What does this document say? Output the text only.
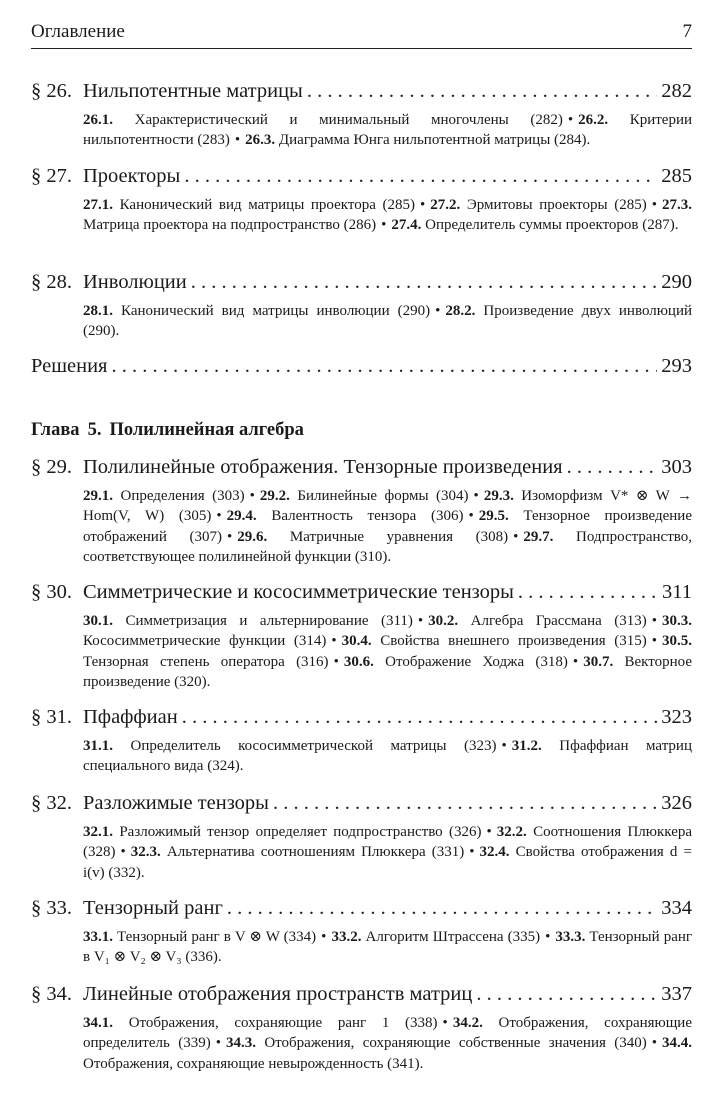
Оглавление	7
§ 26. Нильпотентные матрицы . . .	282
26.1. Характеристический и минимальный многочлены (282) • 26.2. Критерии нильпотентности (283) • 26.3. Диаграмма Юнга нильпотентной матрицы (284).
§ 27. Проекторы . . .	285
27.1. Канонический вид матрицы проектора (285) • 27.2. Эрмитовы проекторы (285) • 27.3. Матрица проектора на подпространство (286) • 27.4. Определитель суммы проекторов (287).
§ 28. Инволюции . . .	290
28.1. Канонический вид матрицы инволюции (290) • 28.2. Произведение двух инволюций (290).
Решения . . .	293
Глава 5. Полилинейная алгебра
§ 29. Полилинейные отображения. Тензорные произведения . . .	303
29.1. Определения (303) • 29.2. Билинейные формы (304) • 29.3. Изоморфизм V* ⊗ W → Hom(V, W) (305) • 29.4. Валентность тензора (306) • 29.5. Тензорное произведение отображений (307) • 29.6. Матричные уравнения (308) • 29.7. Подпространство, соответствующее полилинейной функции (310).
§ 30. Симметрические и кососимметрические тензоры . . .	311
30.1. Симметризация и альтернирование (311) • 30.2. Алгебра Грассмана (313) • 30.3. Кососимметрические функции (314) • 30.4. Свойства внешнего произведения (315) • 30.5. Тензорная степень оператора (316) • 30.6. Отображение Ходжа (318) • 30.7. Векторное произведение (320).
§ 31. Пфаффиан . . .	323
31.1. Определитель кососимметрической матрицы (323) • 31.2. Пфаффиан матриц специального вида (324).
§ 32. Разложимые тензоры . . .	326
32.1. Разложимый тензор определяет подпространство (326) • 32.2. Соотношения Плюккера (328) • 32.3. Альтернатива соотношениям Плюккера (331) • 32.4. Свойства отображения d = i(v) (332).
§ 33. Тензорный ранг . . .	334
33.1. Тензорный ранг в V ⊗ W (334) • 33.2. Алгоритм Штрассена (335) • 33.3. Тензорный ранг в V₁ ⊗ V₂ ⊗ V₃ (336).
§ 34. Линейные отображения пространств матриц . . .	337
34.1. Отображения, сохраняющие ранг 1 (338) • 34.2. Отображения, сохраняющие определитель (339) • 34.3. Отображения, сохраняющие собственные значения (340) • 34.4. Отображения, сохраняющие невырожденность (341).
